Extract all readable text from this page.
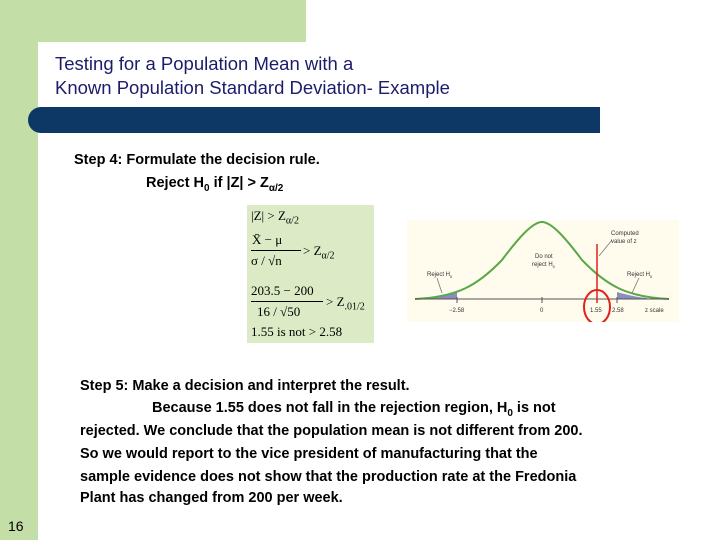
Testing for a Population Mean with a
Known Population Standard Deviation- Example
Step 4: Formulate the decision rule.
Reject $H_0$ if $|Z| > Z_{\alpha/2}$
$|Z| > Z_{\alpha/2}$
X̄ − μ
σ / √n
> $Z_{\alpha/2}$
203.5 − 200
16 / √50
> $Z_{.01/2}$
1.55 is not > 2.58
Computed
value of z
Do not
reject $H_0$
Reject $H_0$	Reject $H_0$
−2.58	0	1.55 2.58	z scale
Step 5: Make a decision and interpret the result.
Because 1.55 does not fall in the rejection region, $H_0$ is not
rejected. We conclude that the population mean is not different from 200.
So we would report to the vice president of manufacturing that the
sample evidence does not show that the production rate at the Fredonia
Plant has changed from 200 per week.
16
